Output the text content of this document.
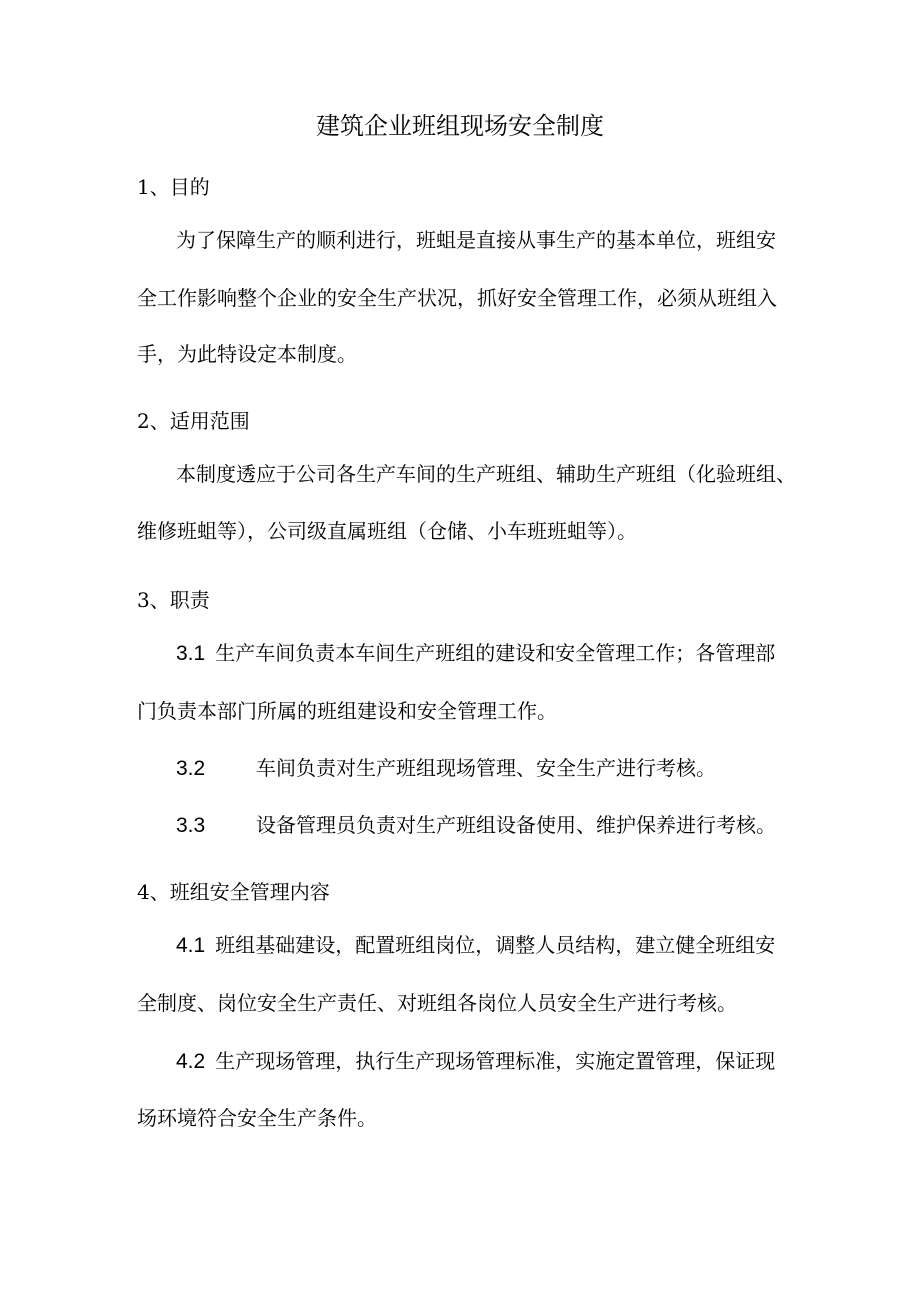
建筑企业班组现场安全制度
1、目的
为了保障生产的顺利进行，班蛆是直接从事生产的基本单位，班组安
全工作影响整个企业的安全生产状况，抓好安全管理工作，必须从班组入
手，为此特设定本制度。
2、适用范围
本制度透应于公司各生产车间的生产班组、辅助生产班组（化验班组、
维修班蛆等），公司级直属班组（仓储、小车班班蛆等）。
3、职责
3.1 生产车间负责本车间生产班组的建设和安全管理工作；各管理部
门负责本部门所属的班组建设和安全管理工作。
3.2	车间负责对生产班组现场管理、安全生产进行考核。
3.3	设备管理员负责对生产班组设备使用、维护保养进行考核。
4、班组安全管理内容
4.1 班组基础建设，配置班组岗位，调整人员结构，建立健全班组安
全制度、岗位安全生产责任、对班组各岗位人员安全生产进行考核。
4.2 生产现场管理，执行生产现场管理标准，实施定置管理，保证现
场环境符合安全生产条件。
